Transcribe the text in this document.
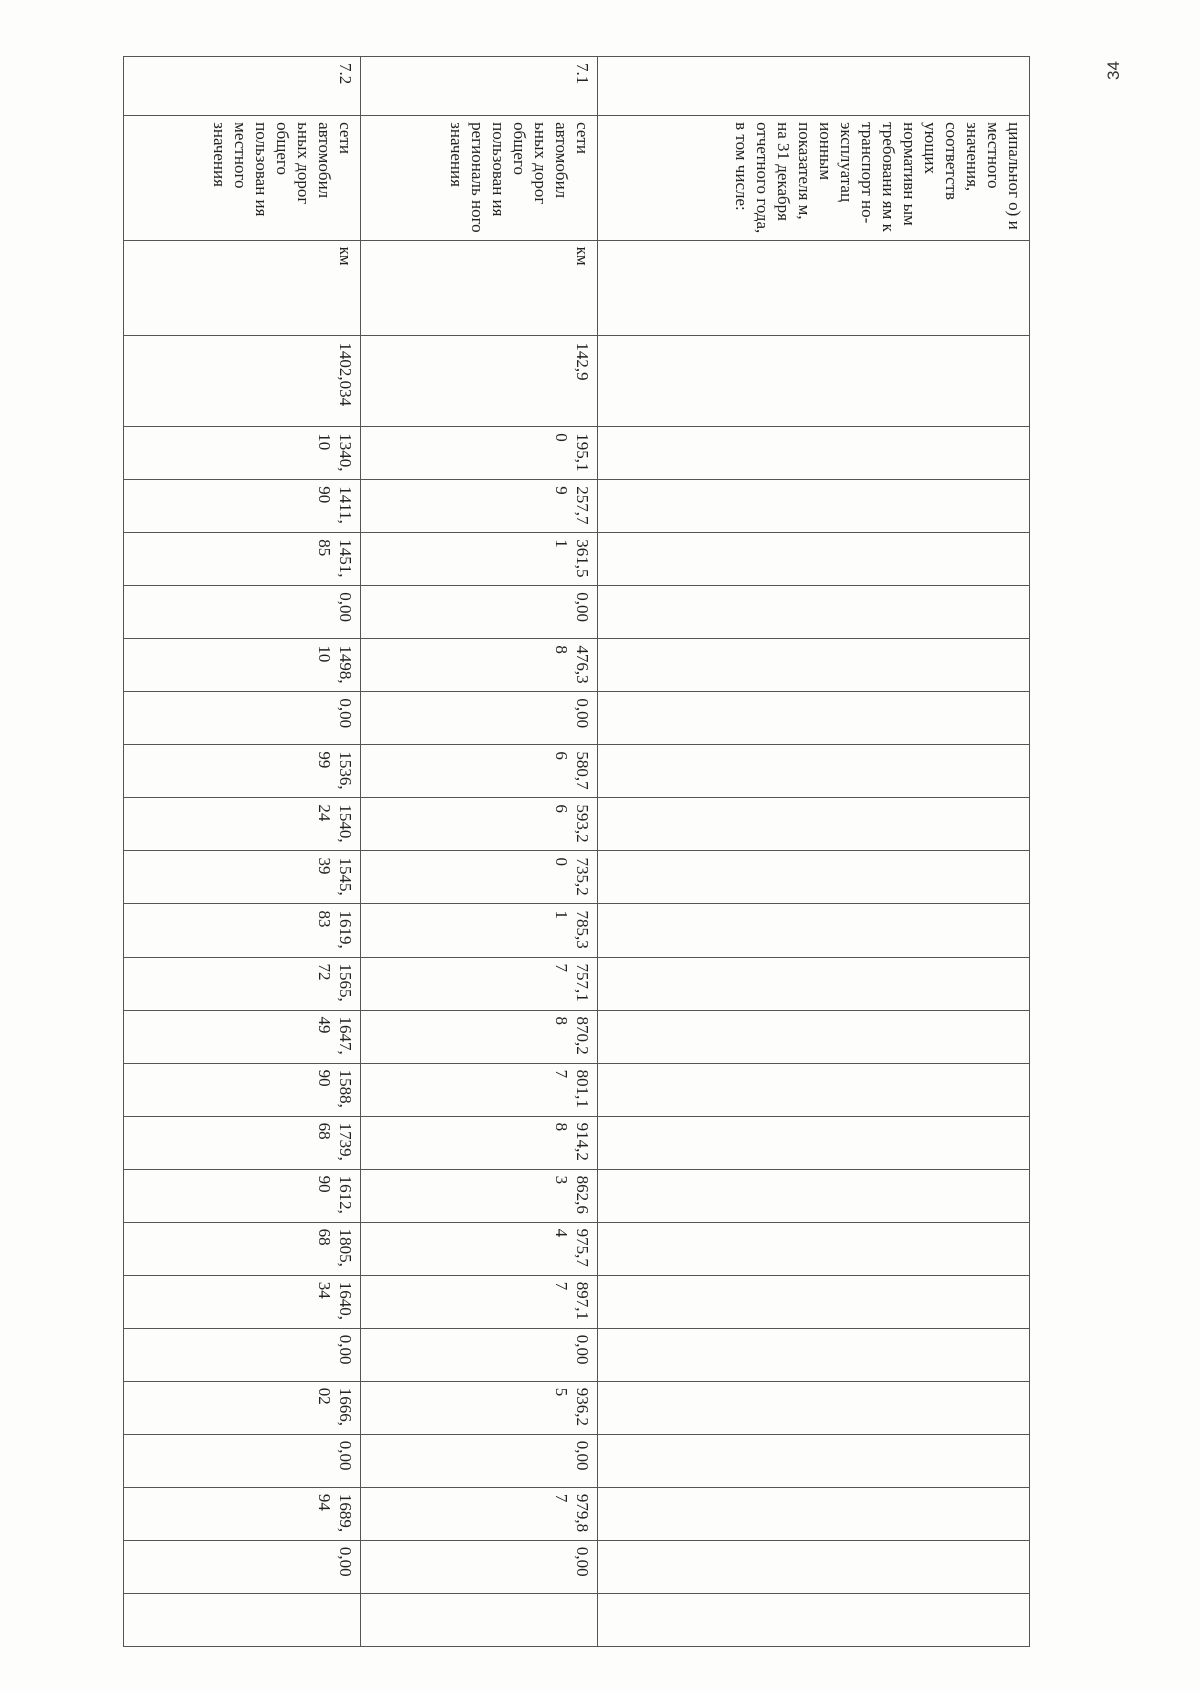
34
	ципальног о) и местного значения, соответств ующих нормативн ым требовани ям к транспорт но-эксплуатац ионным показателя м, на 31 декабря отчетного года, в том числе:																									
7.1	сети автомобил ьных дорог общего пользован ия региональ ного значения	км	142,9	195,10	257,79	361,51	0,00	476,38	0,00	580,76	593,26	735,20	785,31	757,17	870,28	801,17	914,28	862,63	975,74	897,17	0,00	936,25	0,00	979,87	0,00	
7.2	сети автомобил ьных дорог общего пользован ия местного значения	км	1402,034	1340,10	1411,90	1451,85	0,00	1498,10	0,00	1536,99	1540,24	1545,39	1619,83	1565,72	1647,49	1588,90	1739,68	1612,90	1805,68	1640,34	0,00	1666,02	0,00	1689,94	0,00	
